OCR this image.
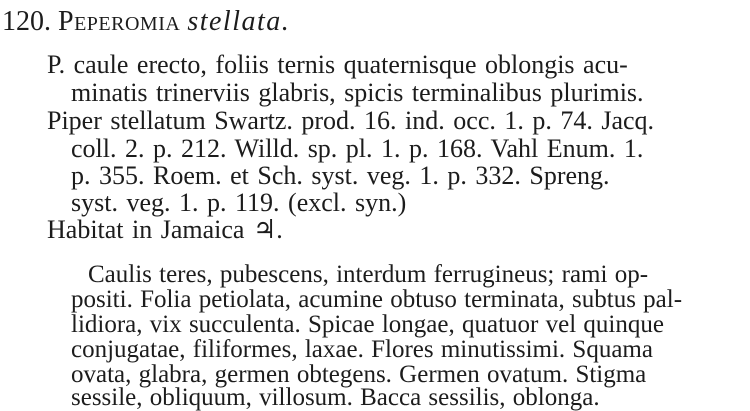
120. Peperomia stellata.
P. caule erecto, foliis ternis quaternisque oblongis acu-
minatis trinerviis glabris, spicis terminalibus plurimis.
Piper stellatum Swartz. prod. 16. ind. occ. 1. p. 74. Jacq.
coll. 2. p. 212. Willd. sp. pl. 1. p. 168. Vahl Enum. 1.
p. 355. Roem. et Sch. syst. veg. 1. p. 332. Spreng.
syst. veg. 1. p. 119. (excl. syn.)
Habitat in Jamaica ♃.
Caulis teres, pubescens, interdum ferrugineus; rami op-
positi. Folia petiolata, acumine obtuso terminata, subtus pal-
lidiora, vix succulenta. Spicae longae, quatuor vel quinque
conjugatae, filiformes, laxae. Flores minutissimi. Squama
ovata, glabra, germen obtegens. Germen ovatum. Stigma
sessile, obliquum, villosum. Bacca sessilis, oblonga.
